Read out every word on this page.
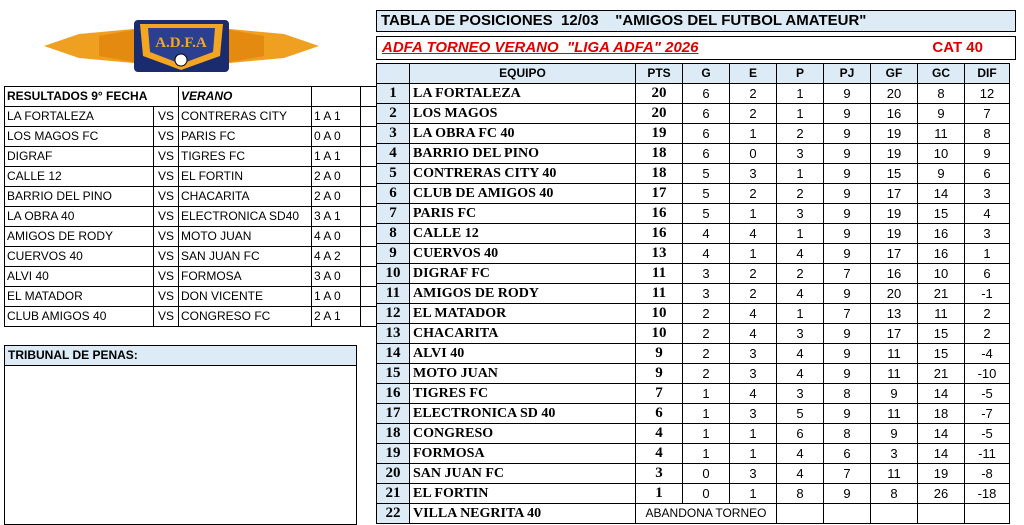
A.D.F.A
RESULTADOS 9° FECHA		VERANO		
LA FORTALEZA	VS	CONTRERAS CITY	1 A 1	
LOS MAGOS FC	VS	PARIS FC	0 A 0	
DIGRAF	VS	TIGRES FC	1 A 1	
CALLE 12	VS	EL FORTIN	2 A 0	
BARRIO DEL PINO	VS	CHACARITA	2 A 0	
LA OBRA 40	VS	ELECTRONICA SD40	3 A 1	
AMIGOS DE RODY	VS	MOTO JUAN	4 A 0	
CUERVOS 40	VS	SAN JUAN FC	4 A 2	
ALVI 40	VS	FORMOSA	3 A 0	
EL MATADOR	VS	DON VICENTE	1 A 0	
CLUB AMIGOS 40	VS	CONGRESO FC	2 A 1	
TRIBUNAL DE PENAS:
TABLA DE POSICIONES  12/03    "AMIGOS DEL FUTBOL AMATEUR"
ADFA TORNEO VERANO  "LIGA ADFA" 2026	CAT 40
	EQUIPO	PTS	G	E	P	PJ	GF	GC	DIF
1	LA FORTALEZA	20	6	2	1	9	20	8	12
2	LOS MAGOS	20	6	2	1	9	16	9	7
3	LA OBRA FC 40	19	6	1	2	9	19	11	8
4	BARRIO DEL PINO	18	6	0	3	9	19	10	9
5	CONTRERAS CITY 40	18	5	3	1	9	15	9	6
6	CLUB DE AMIGOS 40	17	5	2	2	9	17	14	3
7	PARIS FC	16	5	1	3	9	19	15	4
8	CALLE 12	16	4	4	1	9	19	16	3
9	CUERVOS 40	13	4	1	4	9	17	16	1
10	DIGRAF FC	11	3	2	2	7	16	10	6
11	AMIGOS DE RODY	11	3	2	4	9	20	21	-1
12	EL MATADOR	10	2	4	1	7	13	11	2
13	CHACARITA	10	2	4	3	9	17	15	2
14	ALVI 40	9	2	3	4	9	11	15	-4
15	MOTO JUAN	9	2	3	4	9	11	21	-10
16	TIGRES FC	7	1	4	3	8	9	14	-5
17	ELECTRONICA SD 40	6	1	3	5	9	11	18	-7
18	CONGRESO	4	1	1	6	8	9	14	-5
19	FORMOSA	4	1	1	4	6	3	14	-11
20	SAN JUAN FC	3	0	3	4	7	11	19	-8
21	EL FORTIN	1	0	1	8	9	8	26	-18
22	VILLA NEGRITA 40	ABANDONA TORNEO							
